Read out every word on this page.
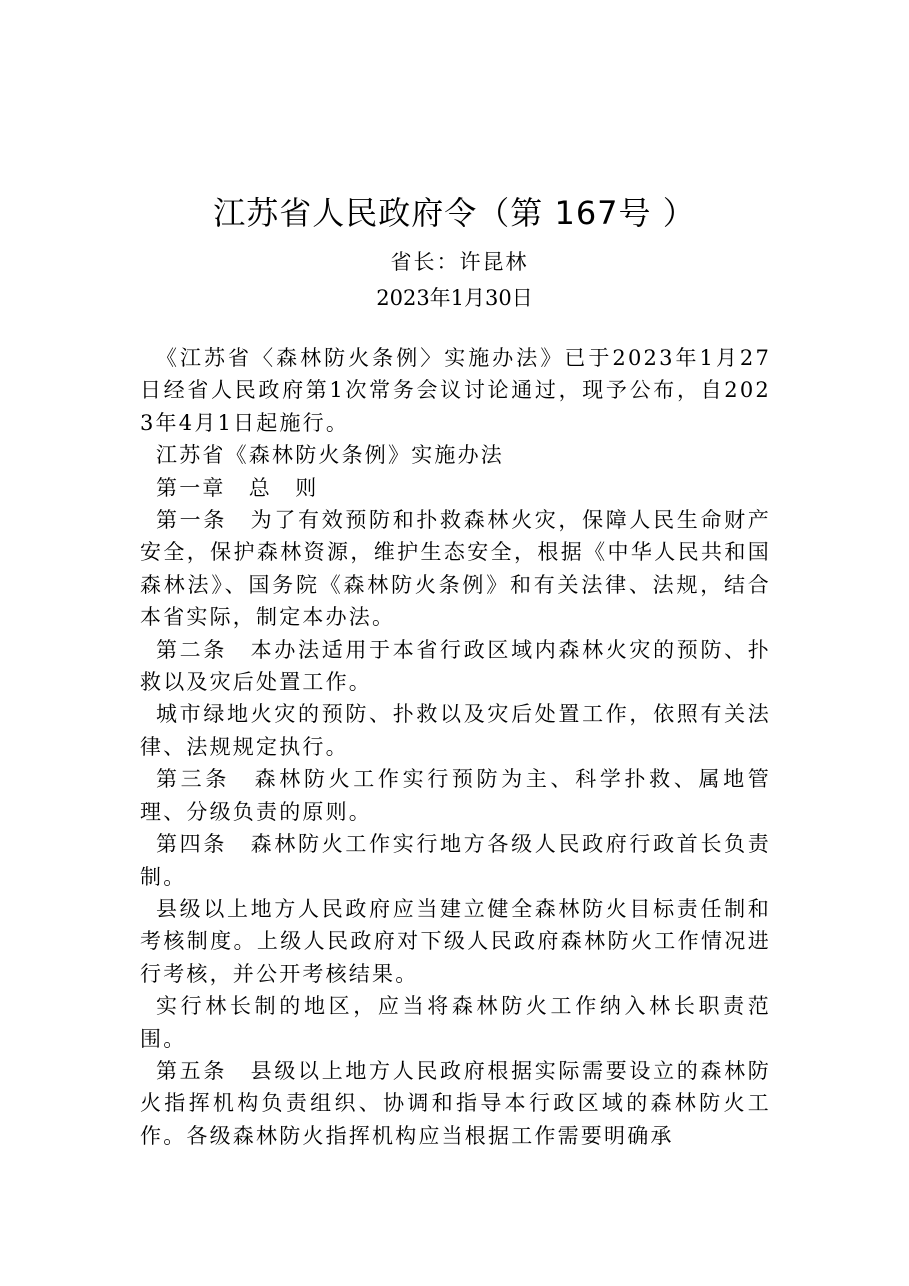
江苏省人民政府令（第 167号 ）
省长：许昆林
2023年1月30日

《江苏省〈森林防火条例〉实施办法》已于2023年1月27日经省人民政府第1次常务会议讨论通过，现予公布，自2023年4月1日起施行。

江苏省《森林防火条例》实施办法

第一章　总　则

第一条　为了有效预防和扑救森林火灾，保障人民生命财产安全，保护森林资源，维护生态安全，根据《中华人民共和国森林法》、国务院《森林防火条例》和有关法律、法规，结合本省实际，制定本办法。

第二条　本办法适用于本省行政区域内森林火灾的预防、扑救以及灾后处置工作。

城市绿地火灾的预防、扑救以及灾后处置工作，依照有关法律、法规规定执行。

第三条　森林防火工作实行预防为主、科学扑救、属地管理、分级负责的原则。

第四条　森林防火工作实行地方各级人民政府行政首长负责制。

县级以上地方人民政府应当建立健全森林防火目标责任制和考核制度。上级人民政府对下级人民政府森林防火工作情况进行考核，并公开考核结果。

实行林长制的地区，应当将森林防火工作纳入林长职责范围。

第五条　县级以上地方人民政府根据实际需要设立的森林防火指挥机构负责组织、协调和指导本行政区域的森林防火工作。各级森林防火指挥机构应当根据工作需要明确承
